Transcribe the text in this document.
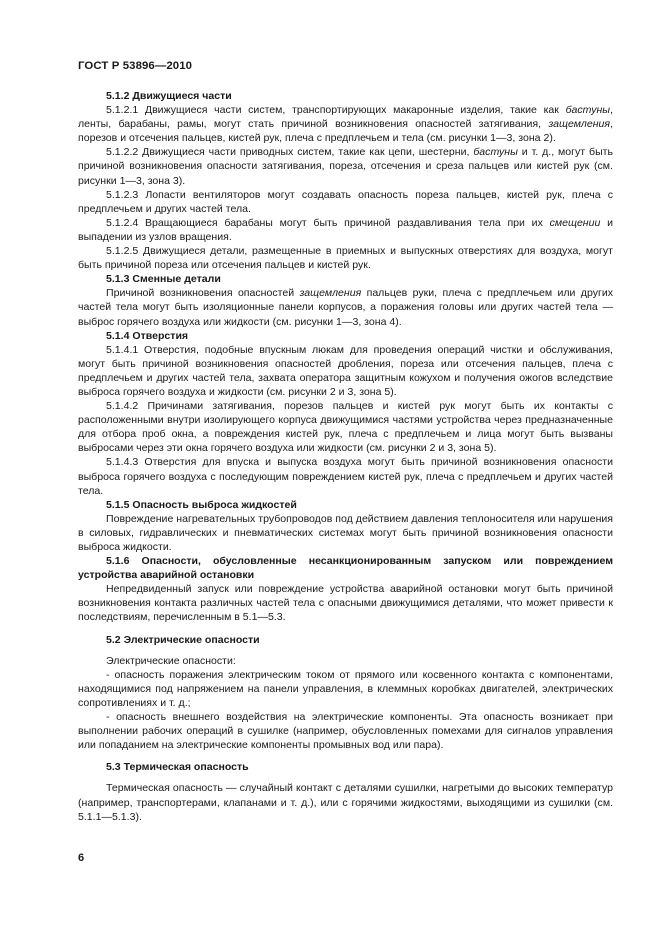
ГОСТ Р 53896—2010

5.1.2 Движущиеся части

5.1.2.1 Движущиеся части систем, транспортирующих макаронные изделия, такие как бастуны, ленты, барабаны, рамы, могут стать причиной возникновения опасностей затягивания, защемления, порезов и отсечения пальцев, кистей рук, плеча с предплечьем и тела (см. рисунки 1—3, зона 2).

5.1.2.2 Движущиеся части приводных систем, такие как цепи, шестерни, бастуны и т. д., могут быть причиной возникновения опасности затягивания, пореза, отсечения и среза пальцев или кистей рук (см. рисунки 1—3, зона 3).

5.1.2.3 Лопасти вентиляторов могут создавать опасность пореза пальцев, кистей рук, плеча с предплечьем и других частей тела.

5.1.2.4 Вращающиеся барабаны могут быть причиной раздавливания тела при их смещении и выпадении из узлов вращения.

5.1.2.5 Движущиеся детали, размещенные в приемных и выпускных отверстиях для воздуха, могут быть причиной пореза или отсечения пальцев и кистей рук.

5.1.3 Сменные детали

Причиной возникновения опасностей защемления пальцев руки, плеча с предплечьем или других частей тела могут быть изоляционные панели корпусов, а поражения головы или других частей тела — выброс горячего воздуха или жидкости (см. рисунки 1—3, зона 4).

5.1.4 Отверстия

5.1.4.1 Отверстия, подобные впускным люкам для проведения операций чистки и обслуживания, могут быть причиной возникновения опасностей дробления, пореза или отсечения пальцев, плеча с предплечьем и других частей тела, захвата оператора защитным кожухом и получения ожогов вследствие выброса горячего воздуха и жидкости (см. рисунки 2 и 3, зона 5).

5.1.4.2 Причинами затягивания, порезов пальцев и кистей рук могут быть их контакты с расположенными внутри изолирующего корпуса движущимися частями устройства через предназначенные для отбора проб окна, а повреждения кистей рук, плеча с предплечьем и лица могут быть вызваны выбросами через эти окна горячего воздуха или жидкости (см. рисунки 2 и 3, зона 5).

5.1.4.3 Отверстия для впуска и выпуска воздуха могут быть причиной возникновения опасности выброса горячего воздуха с последующим повреждением кистей рук, плеча с предплечьем и других частей тела.

5.1.5 Опасность выброса жидкостей

Повреждение нагревательных трубопроводов под действием давления теплоносителя или нарушения в силовых, гидравлических и пневматических системах могут быть причиной возникновения опасности выброса жидкости.

5.1.6 Опасности, обусловленные несанкционированным запуском или повреждением устройства аварийной остановки

Непредвиденный запуск или повреждение устройства аварийной остановки могут быть причиной возникновения контакта различных частей тела с опасными движущимися деталями, что может привести к последствиям, перечисленным в 5.1—5.3.

5.2 Электрические опасности

Электрические опасности:

- опасность поражения электрическим током от прямого или косвенного контакта с компонентами, находящимися под напряжением на панели управления, в клеммных коробках двигателей, электрических сопротивлениях и т. д.;

- опасность внешнего воздействия на электрические компоненты. Эта опасность возникает при выполнении рабочих операций в сушилке (например, обусловленных помехами для сигналов управления или попаданием на электрические компоненты промывных вод или пара).

5.3 Термическая опасность

Термическая опасность — случайный контакт с деталями сушилки, нагретыми до высоких температур (например, транспортерами, клапанами и т. д.), или с горячими жидкостями, выходящими из сушилки (см. 5.1.1—5.1.3).

6
